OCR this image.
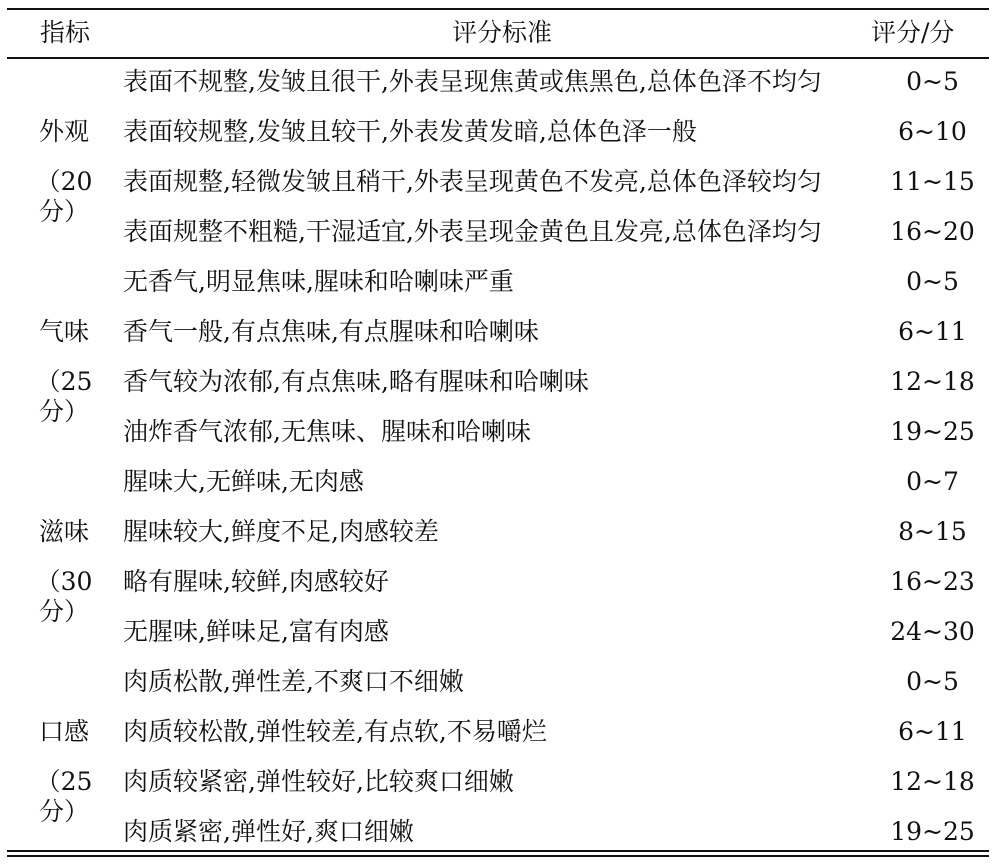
指标	评分标准	评分/分
外观
（20 分）
表面不规整,发皱且很干,外表呈现焦黄或焦黑色,总体色泽不均匀	0~5
表面较规整,发皱且较干,外表发黄发暗,总体色泽一般	6~10
表面规整,轻微发皱且稍干,外表呈现黄色不发亮,总体色泽较均匀	11~15
表面规整不粗糙,干湿适宜,外表呈现金黄色且发亮,总体色泽均匀	16~20
气味
（25 分）
无香气,明显焦味,腥味和哈喇味严重	0~5
香气一般,有点焦味,有点腥味和哈喇味	6~11
香气较为浓郁,有点焦味,略有腥味和哈喇味	12~18
油炸香气浓郁,无焦味、腥味和哈喇味	19~25
滋味
（30 分）
腥味大,无鲜味,无肉感	0~7
腥味较大,鲜度不足,肉感较差	8~15
略有腥味,较鲜,肉感较好	16~23
无腥味,鲜味足,富有肉感	24~30
口感
（25 分）
肉质松散,弹性差,不爽口不细嫩	0~5
肉质较松散,弹性较差,有点软,不易嚼烂	6~11
肉质较紧密,弹性较好,比较爽口细嫩	12~18
肉质紧密,弹性好,爽口细嫩	19~25
